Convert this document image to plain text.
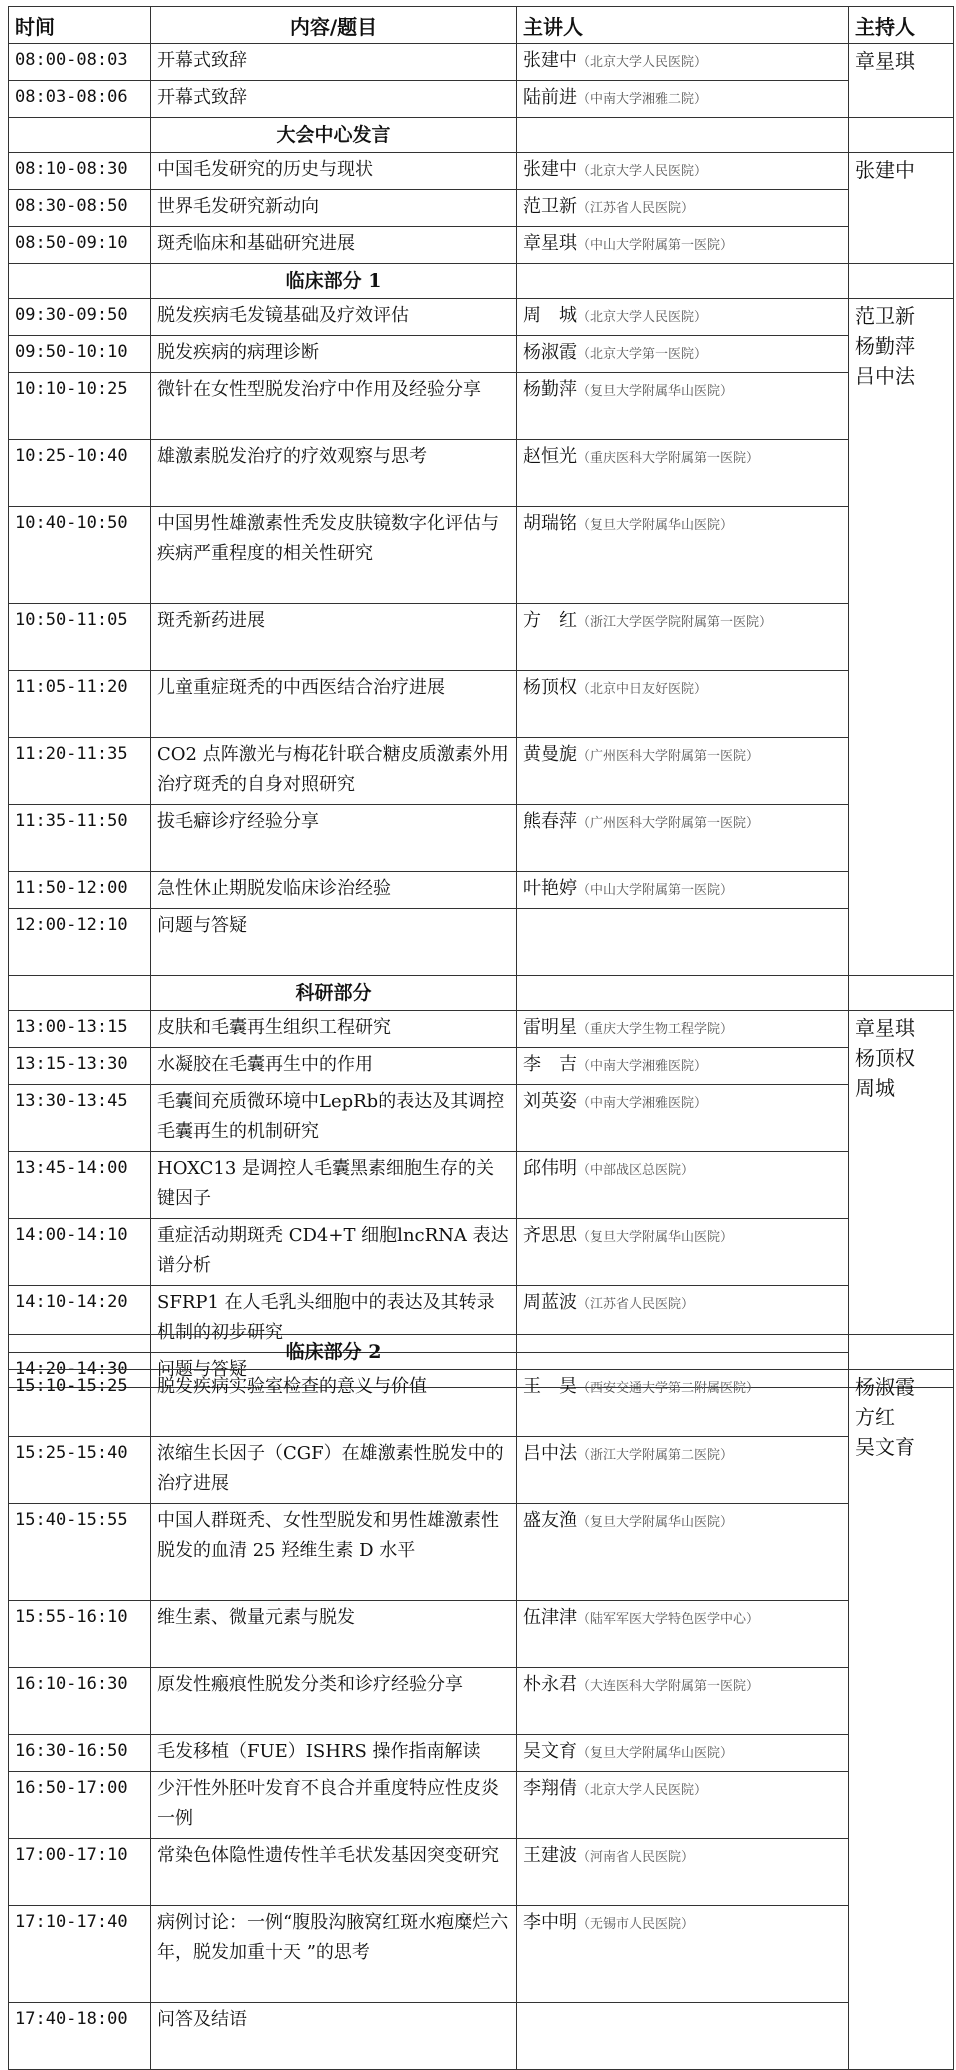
时间	内容/题目	主讲人	主持人
08:00-08:03	开幕式致辞	张建中（北京大学人民医院）	章星琪

08:03-08:06	开幕式致辞	陆前进（中南大学湘雅二院）	
	大会中心发言		
08:10-08:30	中国毛发研究的历史与现状	张建中（北京大学人民医院）	张建中

08:30-08:50	世界毛发研究新动向	范卫新（江苏省人民医院）	
08:50-09:10	斑秃临床和基础研究进展	章星琪（中山大学附属第一医院）	
	临床部分 1		
09:30-09:50	脱发疾病毛发镜基础及疗效评估	周　城（北京大学人民医院）	范卫新
杨勤萍
吕中法

09:50-10:10	脱发疾病的病理诊断	杨淑霞（北京大学第一医院）	
10:10-10:25	微针在女性型脱发治疗中作用及经验分享	杨勤萍（复旦大学附属华山医院）	
10:25-10:40	雄激素脱发治疗的疗效观察与思考	赵恒光（重庆医科大学附属第一医院）	
10:40-10:50	中国男性雄激素性秃发皮肤镜数字化评估与疾病严重程度的相关性研究	胡瑞铭（复旦大学附属华山医院）	
10:50-11:05	斑秃新药进展	方　红（浙江大学医学院附属第一医院）	
11:05-11:20	儿童重症斑秃的中西医结合治疗进展	杨顶权（北京中日友好医院）	
11:20-11:35	CO2 点阵激光与梅花针联合糖皮质激素外用治疗斑秃的自身对照研究	黄曼旎（广州医科大学附属第一医院）	
11:35-11:50	拔毛癖诊疗经验分享	熊春萍（广州医科大学附属第一医院）	
11:50-12:00	急性休止期脱发临床诊治经验	叶艳婷（中山大学附属第一医院）	
12:00-12:10	问题与答疑		
	科研部分		
13:00-13:15	皮肤和毛囊再生组织工程研究	雷明星（重庆大学生物工程学院）	章星琪
杨顶权
周城

13:15-13:30	水凝胶在毛囊再生中的作用	李　吉（中南大学湘雅医院）	
13:30-13:45	毛囊间充质微环境中LepRb的表达及其调控毛囊再生的机制研究	刘英姿（中南大学湘雅医院）	
13:45-14:00	HOXC13 是调控人毛囊黑素细胞生存的关键因子	邱伟明（中部战区总医院）	
14:00-14:10	重症活动期斑秃 CD4+T 细胞lncRNA 表达谱分析	齐思思（复旦大学附属华山医院）	
14:10-14:20	SFRP1 在人毛乳头细胞中的表达及其转录机制的初步研究	周蓝波（江苏省人民医院）	
14:20-14:30	问题与答疑		
	临床部分 2		
15:10-15:25	脱发疾病实验室检查的意义与价值	王　昊（西安交通大学第二附属医院）	杨淑霞
方红
吴文育

15:25-15:40	浓缩生长因子（CGF）在雄激素性脱发中的治疗进展	吕中法（浙江大学附属第二医院）	
15:40-15:55	中国人群斑秃、女性型脱发和男性雄激素性脱发的血清 25 羟维生素 D 水平	盛友渔（复旦大学附属华山医院）	
15:55-16:10	维生素、微量元素与脱发	伍津津（陆军军医大学特色医学中心）	
16:10-16:30	原发性瘢痕性脱发分类和诊疗经验分享	朴永君（大连医科大学附属第一医院）	
16:30-16:50	毛发移植（FUE）ISHRS 操作指南解读	吴文育（复旦大学附属华山医院）	
16:50-17:00	少汗性外胚叶发育不良合并重度特应性皮炎一例	李翔倩（北京大学人民医院）	
17:00-17:10	常染色体隐性遗传性羊毛状发基因突变研究	王建波（河南省人民医院）	
17:10-17:40	病例讨论：一例“腹股沟腋窝红斑水疱糜烂六年，脱发加重十天 ”的思考	李中明（无锡市人民医院）	
17:40-18:00	问答及结语		
